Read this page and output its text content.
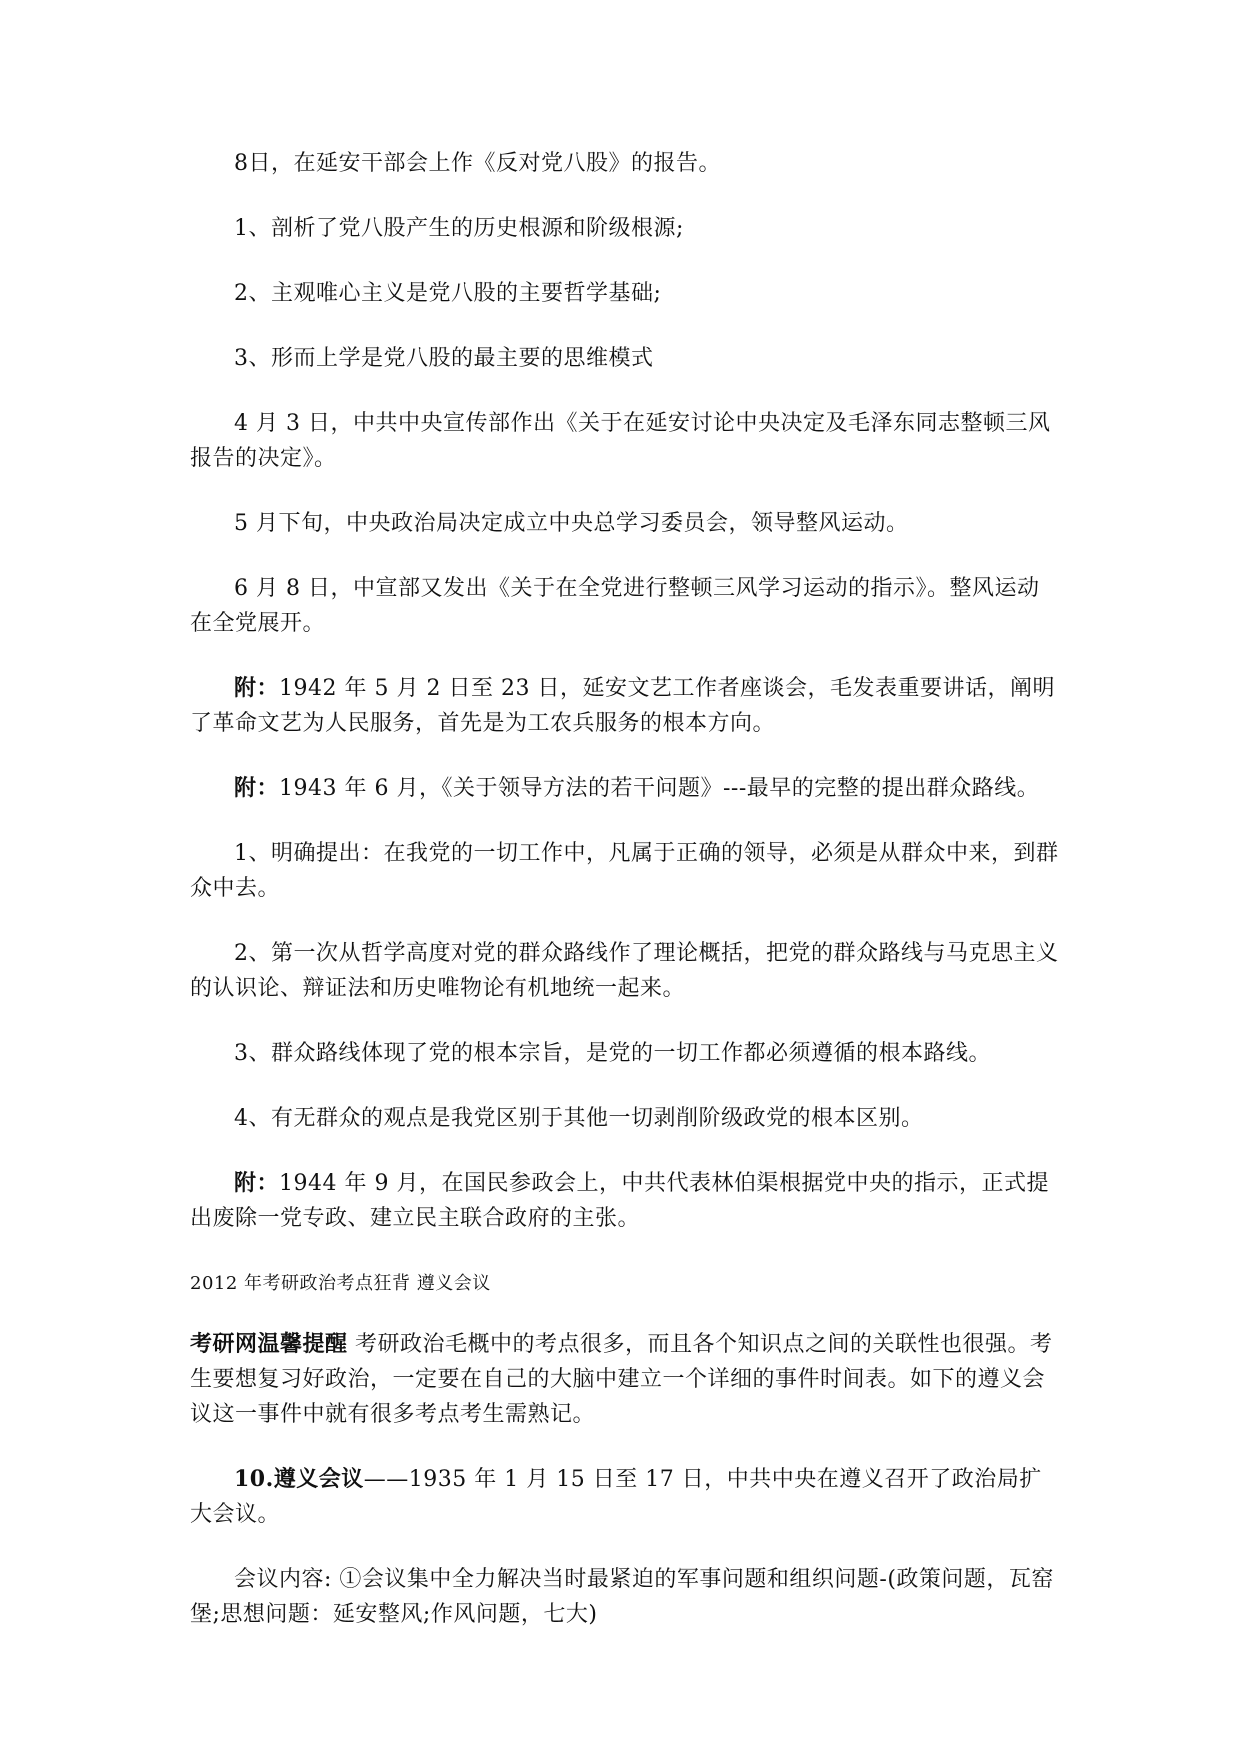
8日，在延安干部会上作《反对党八股》的报告。

1、剖析了党八股产生的历史根源和阶级根源;

2、主观唯心主义是党八股的主要哲学基础;

3、形而上学是党八股的最主要的思维模式

4 月 3 日，中共中央宣传部作出《关于在延安讨论中央决定及毛泽东同志整顿三风报告的决定》。

5 月下旬，中央政治局决定成立中央总学习委员会，领导整风运动。

6 月 8 日，中宣部又发出《关于在全党进行整顿三风学习运动的指示》。整风运动在全党展开。

附：1942 年 5 月 2 日至 23 日，延安文艺工作者座谈会，毛发表重要讲话，阐明了革命文艺为人民服务，首先是为工农兵服务的根本方向。

附：1943 年 6 月，《关于领导方法的若干问题》---最早的完整的提出群众路线。

1、明确提出：在我党的一切工作中，凡属于正确的领导，必须是从群众中来，到群众中去。

2、第一次从哲学高度对党的群众路线作了理论概括，把党的群众路线与马克思主义的认识论、辩证法和历史唯物论有机地统一起来。

3、群众路线体现了党的根本宗旨，是党的一切工作都必须遵循的根本路线。

4、有无群众的观点是我党区别于其他一切剥削阶级政党的根本区别。

附：1944 年 9 月，在国民参政会上，中共代表林伯渠根据党中央的指示，正式提出废除一党专政、建立民主联合政府的主张。

2012 年考研政治考点狂背 遵义会议

考研网温馨提醒 考研政治毛概中的考点很多，而且各个知识点之间的关联性也很强。考生要想复习好政治，一定要在自己的大脑中建立一个详细的事件时间表。如下的遵义会议这一事件中就有很多考点考生需熟记。

10.遵义会议——1935 年 1 月 15 日至 17 日，中共中央在遵义召开了政治局扩大会议。

会议内容: ①会议集中全力解决当时最紧迫的军事问题和组织问题-(政策问题，瓦窑堡;思想问题：延安整风;作风问题，七大)
